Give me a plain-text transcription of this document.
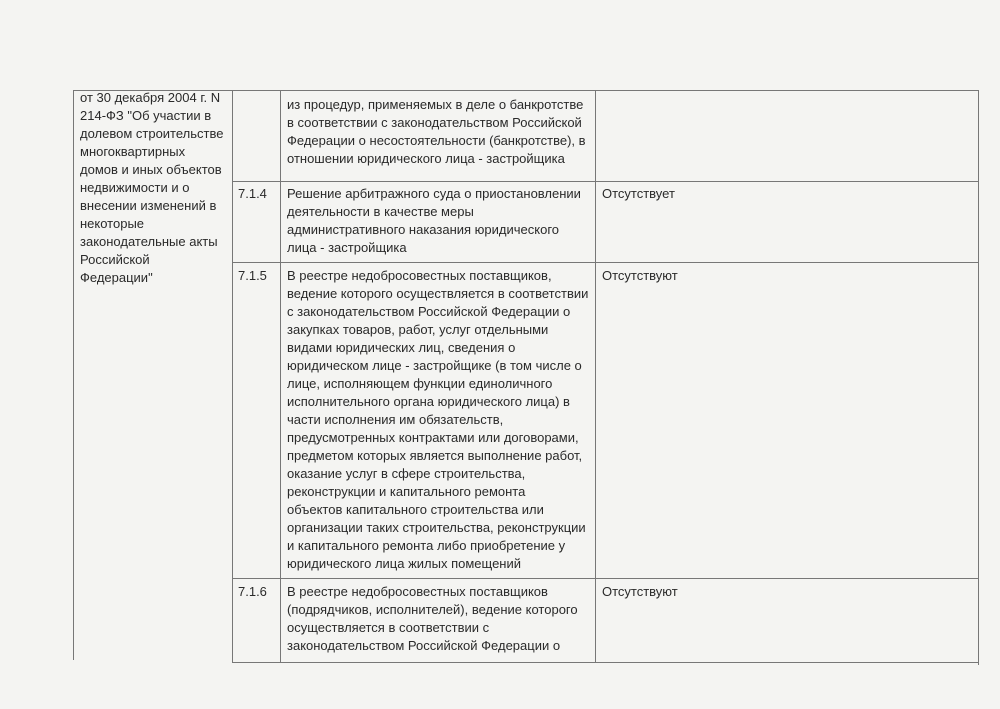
от 30 декабря 2004 г. N
214-ФЗ "Об участии в
долевом строительстве
многоквартирных
домов и иных объектов
недвижимости и о
внесении изменений в
некоторые
законодательные акты
Российской
Федерации"
из процедур, применяемых в деле о банкротстве
в соответствии с законодательством Российской
Федерации о несостоятельности (банкротстве), в
отношении юридического лица - застройщика
7.1.4 Решение арбитражного суда о приостановлении
деятельности в качестве меры
административного наказания юридического
лица - застройщика
Отсутствует
7.1.5 В реестре недобросовестных поставщиков,
ведение которого осуществляется в соответствии
с законодательством Российской Федерации о
закупках товаров, работ, услуг отдельными
видами юридических лиц, сведения о
юридическом лице - застройщике (в том числе о
лице, исполняющем функции единоличного
исполнительного органа юридического лица) в
части исполнения им обязательств,
предусмотренных контрактами или договорами,
предметом которых является выполнение работ,
оказание услуг в сфере строительства,
реконструкции и капитального ремонта
объектов капитального строительства или
организации таких строительства, реконструкции
и капитального ремонта либо приобретение у
юридического лица жилых помещений
Отсутствуют
7.1.6 В реестре недобросовестных поставщиков
(подрядчиков, исполнителей), ведение которого
осуществляется в соответствии с
законодательством Российской Федерации о
Отсутствуют
